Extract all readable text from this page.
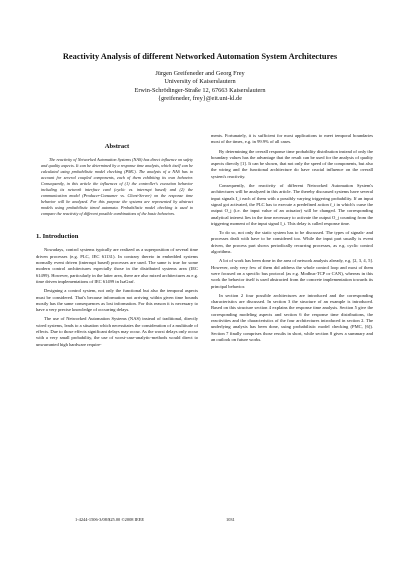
Reactivity Analysis of different Networked Automation System Architectures
Jürgen Greifeneder and Georg Frey
University of Kaiserslautern
Erwin-Schrödinger-Straße 12, 67663 Kaiserslautern
{greifeneder, frey}@eit.uni-kl.de
Abstract

The reactivity of Networked Automation Systems (NAS) has direct influence on safety and quality aspects. It can be determined by a response time analysis, which itself can be calculated using probabilistic model checking (PMC). The analysis of a NAS has to account for several coupled components, each of them exhibiting its own behavior. Consequently, in this article the influences of (1) the controller's execution behavior including its network interface card (cyclic vs. interrupt based) and (2) the communication model (Producer-Consumer vs. Client-Server) on the response time behavior will be analyzed. For this purpose the systems are represented by abstract models using probabilistic timed automata. Probabilistic model checking is used to compare the reactivity of different possible combinations of the basic behaviors.

1. Introduction

Nowadays, control systems typically are realized as a superposition of several time driven processes (e.g. PLC, IEC 61131). In contrary thereto in embedded systems normally event driven (interrupt based) processes are used. The same is true for some modern control architectures especially those in the distributed systems area (IEC 61499). However, particularly in the latter area, there are also mixed architectures as e.g. time driven implementations of IEC 61499 in IsaGraf.

Designing a control system, not only the functional but also the temporal aspects must be considered. That's because information not arriving within given time bounds mostly has the same consequences as lost information. For this reason it is necessary to have a very precise knowledge of occurring delays.

The use of Networked Automation Systems (NAS) instead of traditional, directly wired systems, leads to a situation which necessitates the consideration of a multitude of effects. Due to those effects significant delays may occur. As the worst delays only occur with a very small probability, the use of worst-case-analytic-methods would direct to unwarranted high hardware require-

ments. Fortunately, it is sufficient for most applications to meet temporal boundaries most of the times, e.g. in 99.9% of all cases.

By determining the overall response time probability distribution instead of only the boundary values has the advantage that the result can be used for the analysis of quality aspects directly [1]. It can be shown, that not only the speed of the components, but also the wiring and the functional architecture do have crucial influence on the overall system's reactivity.

Consequently, the reactivity of different Networked Automation System's architectures will be analyzed in this article. The thereby discussed systems have several input signals I_i each of them with a possibly varying triggering probability. If an input signal got activated, the PLC has to execute a predefined action f_i in which's curse the output O_j (i.e. the input value of an actuator) will be changed. The corresponding analytical interest lies in the time necessary to activate the output O_j counting from the triggering moment of the input signal I_i. This delay is called response time.

To do so, not only the static system has to be discussed. The types of signals- and processes dealt with have to be considered too. While the input part usually is event driven, the process part shows periodically recurring processes, as e.g. cyclic control algorithms.

A lot of work has been done in the area of network analysis already, e.g. [2, 3, 4, 5]. However, only very few of them did address the whole control loop and most of them were focused on a specific bus protocol (as e.g. Modbus-TCP or CAN), whereas in this work the behavior itself is used abstracted from the concrete implementation towards its principal behavior.

In section 2 four possible architectures are introduced and the corresponding characteristics are discussed. In section 3 the structure of an example is introduced. Based on this structure section 4 explains the response time analysis. Section 5 give the corresponding modeling aspects and section 6 the response time distributions, the reactivities and the characteristics of the four architectures introduced in section 2. The underlying analysis has been done, using probabilistic model checking (PMC, [6]). Section 7 finally comprises those results in short, while section 8 gives a summary and an outlook on future works.

1-4244-1506-3/08/$25.00 ©2008 IEEE	1031
